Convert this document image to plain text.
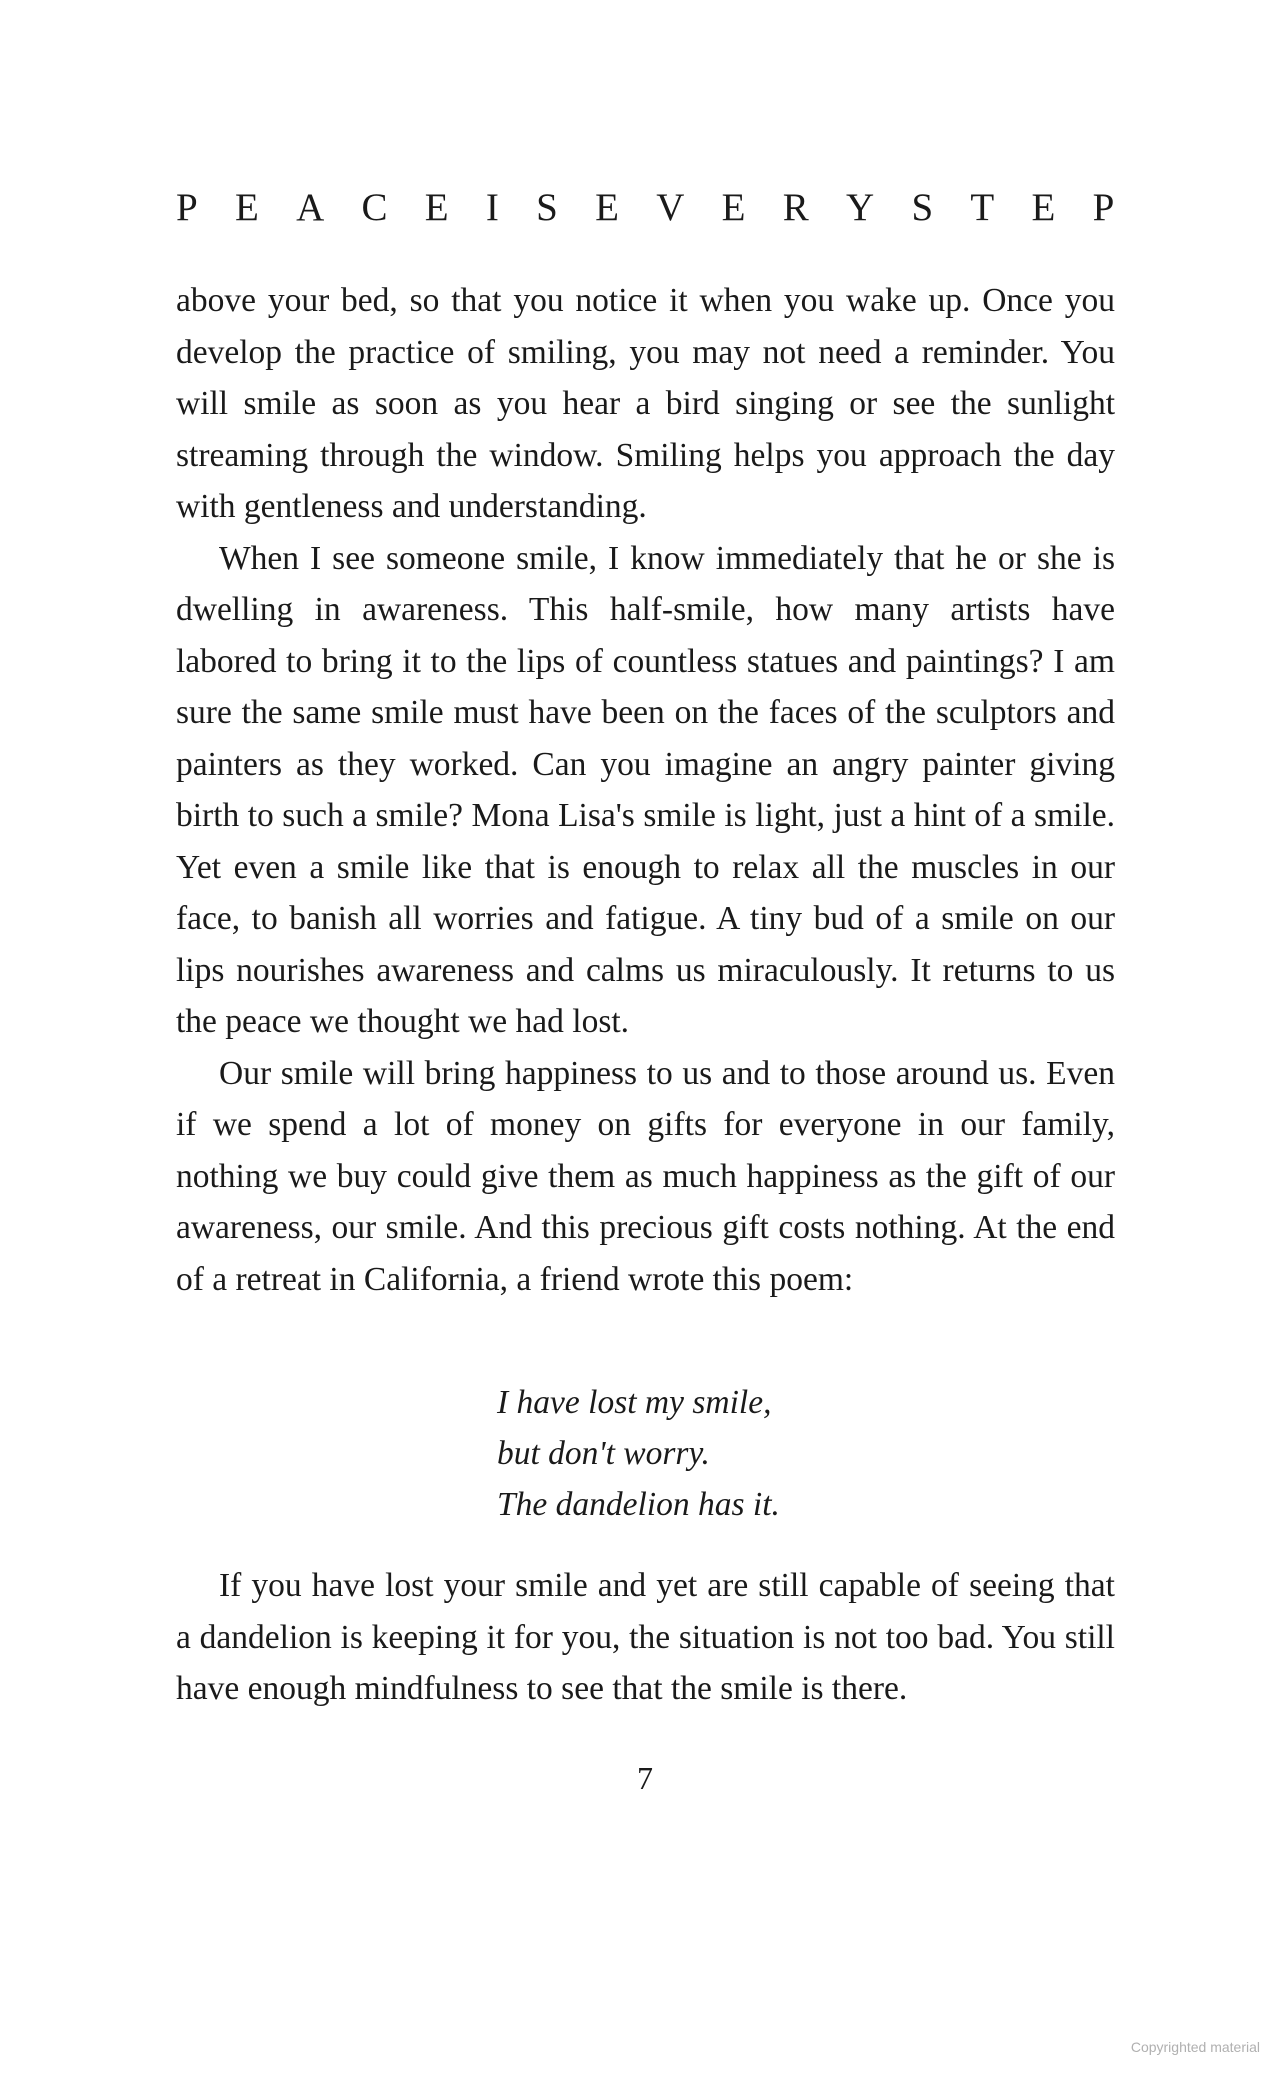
P E A C E I S E V E R Y S T E P

above your bed, so that you notice it when you wake up. Once you develop the practice of smiling, you may not need a reminder. You will smile as soon as you hear a bird singing or see the sunlight streaming through the window. Smiling helps you approach the day with gentleness and understanding.

When I see someone smile, I know immediately that he or she is dwelling in awareness. This half-smile, how many artists have labored to bring it to the lips of countless statues and paintings? I am sure the same smile must have been on the faces of the sculptors and painters as they worked. Can you imagine an angry painter giving birth to such a smile? Mona Lisa's smile is light, just a hint of a smile. Yet even a smile like that is enough to relax all the muscles in our face, to banish all worries and fatigue. A tiny bud of a smile on our lips nourishes awareness and calms us miraculously. It returns to us the peace we thought we had lost.

Our smile will bring happiness to us and to those around us. Even if we spend a lot of money on gifts for everyone in our family, nothing we buy could give them as much happiness as the gift of our awareness, our smile. And this precious gift costs nothing. At the end of a retreat in California, a friend wrote this poem:

I have lost my smile,
but don't worry.
The dandelion has it.

If you have lost your smile and yet are still capable of seeing that a dandelion is keeping it for you, the situation is not too bad. You still have enough mindfulness to see that the smile is there.

7
Copyrighted material
